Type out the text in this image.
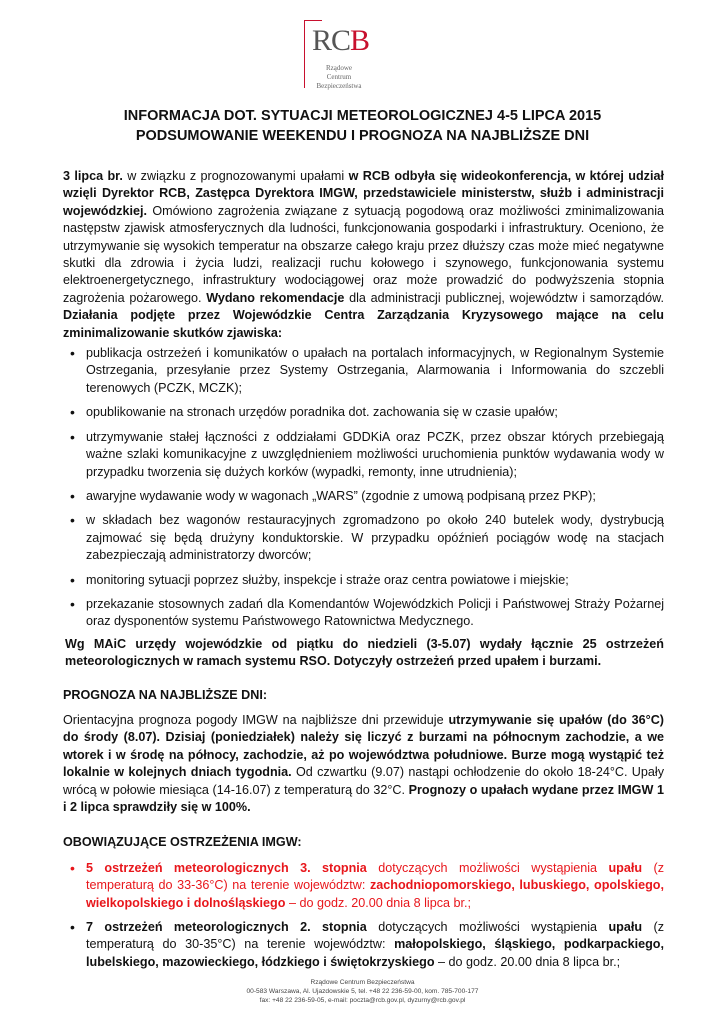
RCB
Rządowe Centrum
Bezpieczeństwa
INFORMACJA DOT. SYTUACJI METEOROLOGICZNEJ 4-5 LIPCA 2015
PODSUMOWANIE WEEKENDU I PROGNOZA NA NAJBLIŻSZE DNI

3 lipca br. w związku z prognozowanymi upałami w RCB odbyła się wideokonferencja, w której udział wzięli Dyrektor RCB, Zastępca Dyrektora IMGW, przedstawiciele ministerstw, służb i administracji wojewódzkiej. Omówiono zagrożenia związane z sytuacją pogodową oraz możliwości zminimalizowania następstw zjawisk atmosferycznych dla ludności, funkcjonowania gospodarki i infrastruktury. Oceniono, że utrzymywanie się wysokich temperatur na obszarze całego kraju przez dłuższy czas może mieć negatywne skutki dla zdrowia i życia ludzi, realizacji ruchu kołowego i szynowego, funkcjonowania systemu elektroenergetycznego, infrastruktury wodociągowej oraz może prowadzić do podwyższenia stopnia zagrożenia pożarowego. Wydano rekomendacje dla administracji publicznej, województw i samorządów. Działania podjęte przez Wojewódzkie Centra Zarządzania Kryzysowego mające na celu zminimalizowanie skutków zjawiska:

• publikacja ostrzeżeń i komunikatów o upałach na portalach informacyjnych, w Regionalnym Systemie Ostrzegania, przesyłanie przez Systemy Ostrzegania, Alarmowania i Informowania do szczebli terenowych (PCZK, MCZK);
• opublikowanie na stronach urzędów poradnika dot. zachowania się w czasie upałów;
• utrzymywanie stałej łączności z oddziałami GDDKiA oraz PCZK, przez obszar których przebiegają ważne szlaki komunikacyjne z uwzględnieniem możliwości uruchomienia punktów wydawania wody w przypadku tworzenia się dużych korków (wypadki, remonty, inne utrudnienia);
• awaryjne wydawanie wody w wagonach „WARS” (zgodnie z umową podpisaną przez PKP);
• w składach bez wagonów restauracyjnych zgromadzono po około 240 butelek wody, dystrybucją zajmować się będą drużyny konduktorskie. W przypadku opóźnień pociągów wodę na stacjach zabezpieczają administratorzy dworców;
• monitoring sytuacji poprzez służby, inspekcje i straże oraz centra powiatowe i miejskie;
• przekazanie stosownych zadań dla Komendantów Wojewódzkich Policji i Państwowej Straży Pożarnej oraz dysponentów systemu Państwowego Ratownictwa Medycznego.

Wg MAiC urzędy wojewódzkie od piątku do niedzieli (3-5.07) wydały łącznie 25 ostrzeżeń meteorologicznych w ramach systemu RSO. Dotyczyły ostrzeżeń przed upałem i burzami.

PROGNOZA NA NAJBLIŻSZE DNI:

Orientacyjna prognoza pogody IMGW na najbliższe dni przewiduje utrzymywanie się upałów (do 36°C) do środy (8.07). Dzisiaj (poniedziałek) należy się liczyć z burzami na północnym zachodzie, a we wtorek i w środę na północy, zachodzie, aż po województwa południowe. Burze mogą wystąpić też lokalnie w kolejnych dniach tygodnia. Od czwartku (9.07) nastąpi ochłodzenie do około 18-24°C. Upały wrócą w połowie miesiąca (14-16.07) z temperaturą do 32°C. Prognozy o upałach wydane przez IMGW 1 i 2 lipca sprawdziły się w 100%.

OBOWIĄZUJĄCE OSTRZEŻENIA IMGW:

• 5 ostrzeżeń meteorologicznych 3. stopnia dotyczących możliwości wystąpienia upału (z temperaturą do 33-36°C) na terenie województw: zachodniopomorskiego, lubuskiego, opolskiego, wielkopolskiego i dolnośląskiego – do godz. 20.00 dnia 8 lipca br.;
• 7 ostrzeżeń meteorologicznych 2. stopnia dotyczących możliwości wystąpienia upału (z temperaturą do 30-35°C) na terenie województw: małopolskiego, śląskiego, podkarpackiego, lubelskiego, mazowieckiego, łódzkiego i świętokrzyskiego – do godz. 20.00 dnia 8 lipca br.;
Rządowe Centrum Bezpieczeństwa
00-583 Warszawa, Al. Ujazdowskie 5, tel. +48 22 236-59-00, kom. 785-700-177
fax: +48 22 236-59-05, e-mail: poczta@rcb.gov.pl, dyzurny@rcb.gov.pl
